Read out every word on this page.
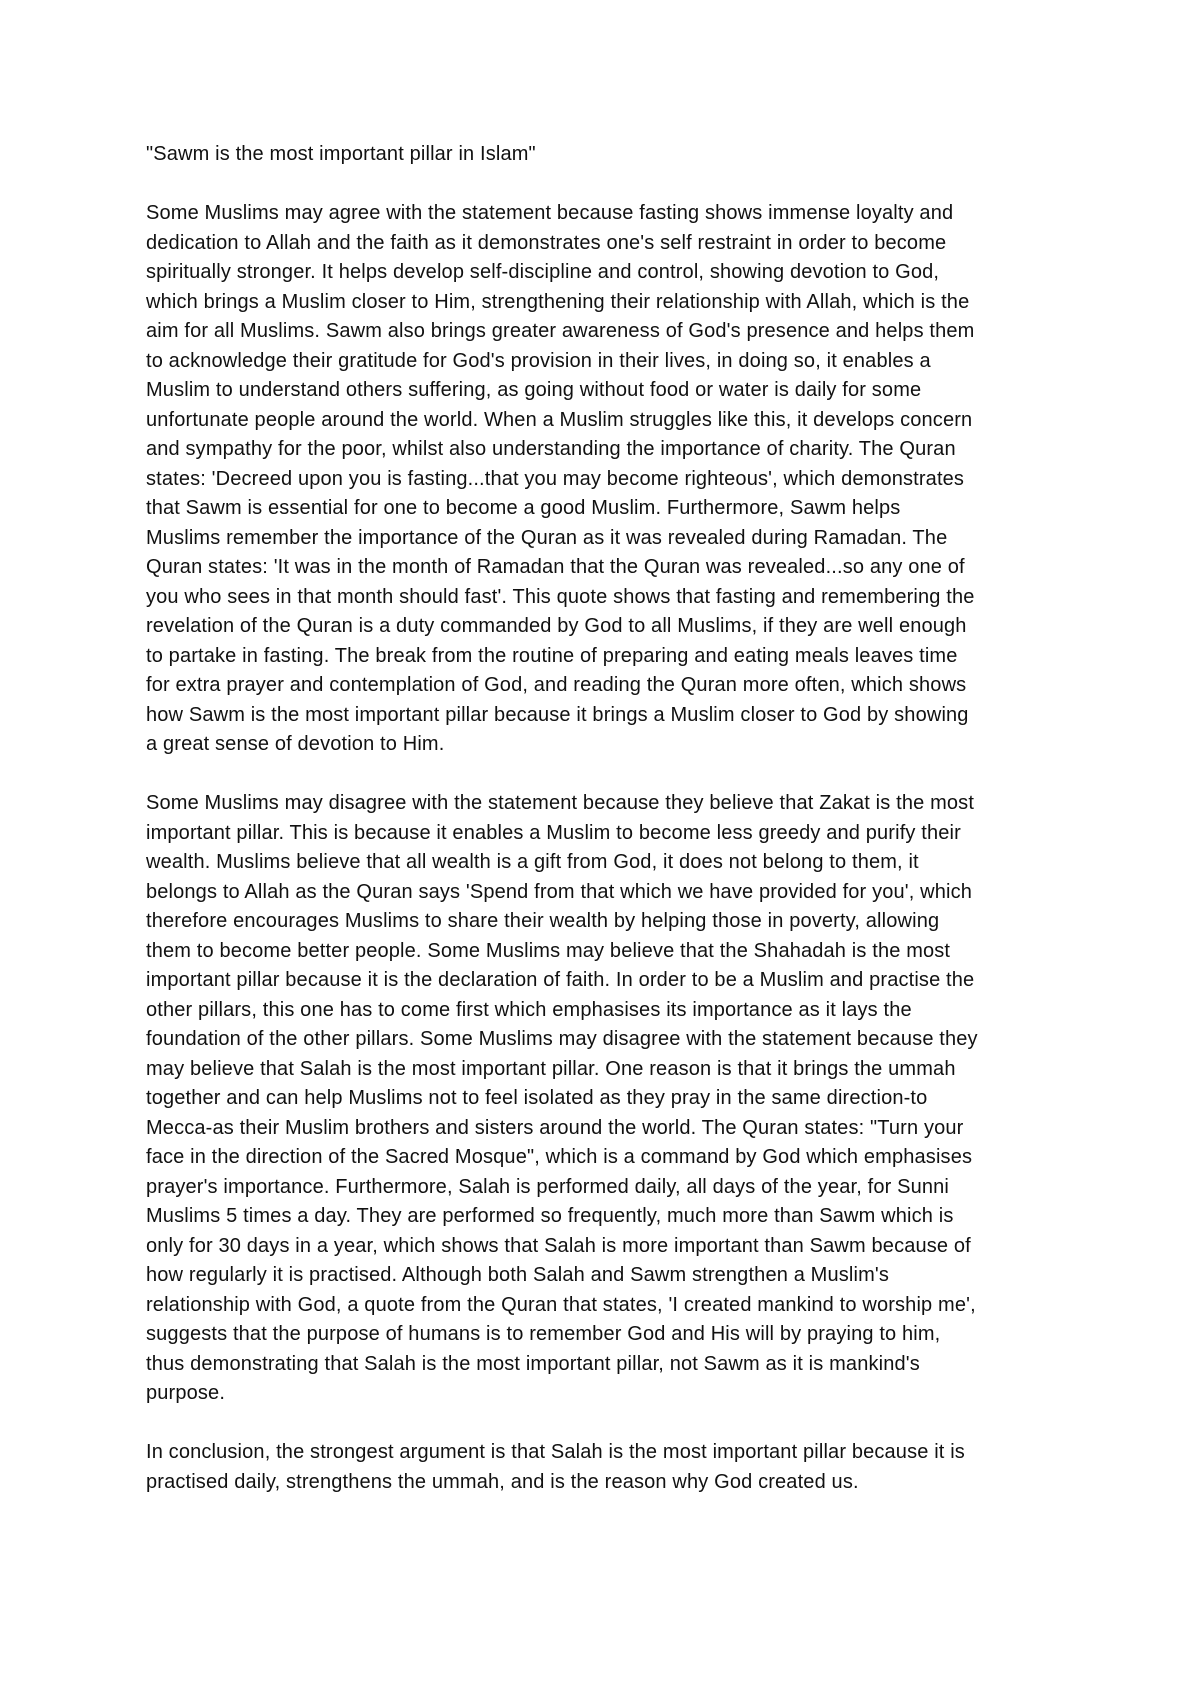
"Sawm is the most important pillar in Islam"

Some Muslims may agree with the statement because fasting shows immense loyalty and
dedication to Allah and the faith as it demonstrates one's self restraint in order to become
spiritually stronger. It helps develop self-discipline and control, showing devotion to God,
which brings a Muslim closer to Him, strengthening their relationship with Allah, which is the
aim for all Muslims. Sawm also brings greater awareness of God's presence and helps them
to acknowledge their gratitude for God's provision in their lives, in doing so, it enables a
Muslim to understand others suffering, as going without food or water is daily for some
unfortunate people around the world. When a Muslim struggles like this, it develops concern
and sympathy for the poor, whilst also understanding the importance of charity. The Quran
states: 'Decreed upon you is fasting...that you may become righteous', which demonstrates
that Sawm is essential for one to become a good Muslim. Furthermore, Sawm helps
Muslims remember the importance of the Quran as it was revealed during Ramadan. The
Quran states: 'It was in the month of Ramadan that the Quran was revealed...so any one of
you who sees in that month should fast'. This quote shows that fasting and remembering the
revelation of the Quran is a duty commanded by God to all Muslims, if they are well enough
to partake in fasting. The break from the routine of preparing and eating meals leaves time
for extra prayer and contemplation of God, and reading the Quran more often, which shows
how Sawm is the most important pillar because it brings a Muslim closer to God by showing
a great sense of devotion to Him.

Some Muslims may disagree with the statement because they believe that Zakat is the most
important pillar. This is because it enables a Muslim to become less greedy and purify their
wealth. Muslims believe that all wealth is a gift from God, it does not belong to them, it
belongs to Allah as the Quran says 'Spend from that which we have provided for you', which
therefore encourages Muslims to share their wealth by helping those in poverty, allowing
them to become better people. Some Muslims may believe that the Shahadah is the most
important pillar because it is the declaration of faith. In order to be a Muslim and practise the
other pillars, this one has to come first which emphasises its importance as it lays the
foundation of the other pillars. Some Muslims may disagree with the statement because they
may believe that Salah is the most important pillar. One reason is that it brings the ummah
together and can help Muslims not to feel isolated as they pray in the same direction-to
Mecca-as their Muslim brothers and sisters around the world. The Quran states: "Turn your
face in the direction of the Sacred Mosque", which is a command by God which emphasises
prayer's importance. Furthermore, Salah is performed daily, all days of the year, for Sunni
Muslims 5 times a day. They are performed so frequently, much more than Sawm which is
only for 30 days in a year, which shows that Salah is more important than Sawm because of
how regularly it is practised. Although both Salah and Sawm strengthen a Muslim's
relationship with God, a quote from the Quran that states, 'I created mankind to worship me',
suggests that the purpose of humans is to remember God and His will by praying to him,
thus demonstrating that Salah is the most important pillar, not Sawm as it is mankind's
purpose.

In conclusion, the strongest argument is that Salah is the most important pillar because it is
practised daily, strengthens the ummah, and is the reason why God created us.
